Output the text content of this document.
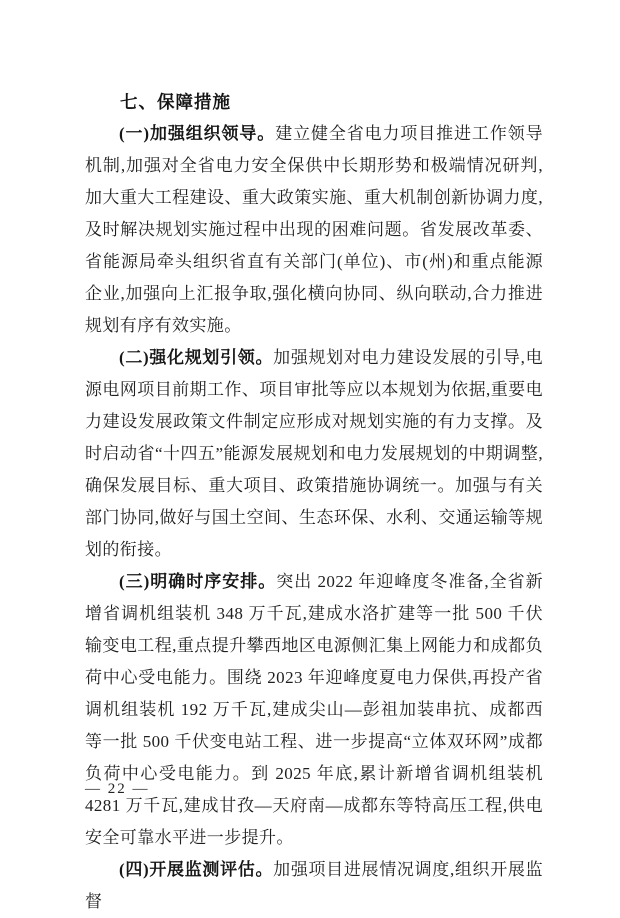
七、保障措施

(一)加强组织领导。建立健全省电力项目推进工作领导机制,加强对全省电力安全保供中长期形势和极端情况研判,加大重大工程建设、重大政策实施、重大机制创新协调力度,及时解决规划实施过程中出现的困难问题。省发展改革委、省能源局牵头组织省直有关部门(单位)、市(州)和重点能源企业,加强向上汇报争取,强化横向协同、纵向联动,合力推进规划有序有效实施。

(二)强化规划引领。加强规划对电力建设发展的引导,电源电网项目前期工作、项目审批等应以本规划为依据,重要电力建设发展政策文件制定应形成对规划实施的有力支撑。及时启动省“十四五”能源发展规划和电力发展规划的中期调整,确保发展目标、重大项目、政策措施协调统一。加强与有关部门协同,做好与国土空间、生态环保、水利、交通运输等规划的衔接。

(三)明确时序安排。突出 2022 年迎峰度冬准备,全省新增省调机组装机 348 万千瓦,建成水洛扩建等一批 500 千伏输变电工程,重点提升攀西地区电源侧汇集上网能力和成都负荷中心受电能力。围绕 2023 年迎峰度夏电力保供,再投产省调机组装机 192 万千瓦,建成尖山—彭祖加装串抗、成都西等一批 500 千伏变电站工程、进一步提高“立体双环网”成都负荷中心受电能力。到 2025 年底,累计新增省调机组装机 4281 万千瓦,建成甘孜—天府南—成都东等特高压工程,供电安全可靠水平进一步提升。

(四)开展监测评估。加强项目进展情况调度,组织开展监督

— 22 —
